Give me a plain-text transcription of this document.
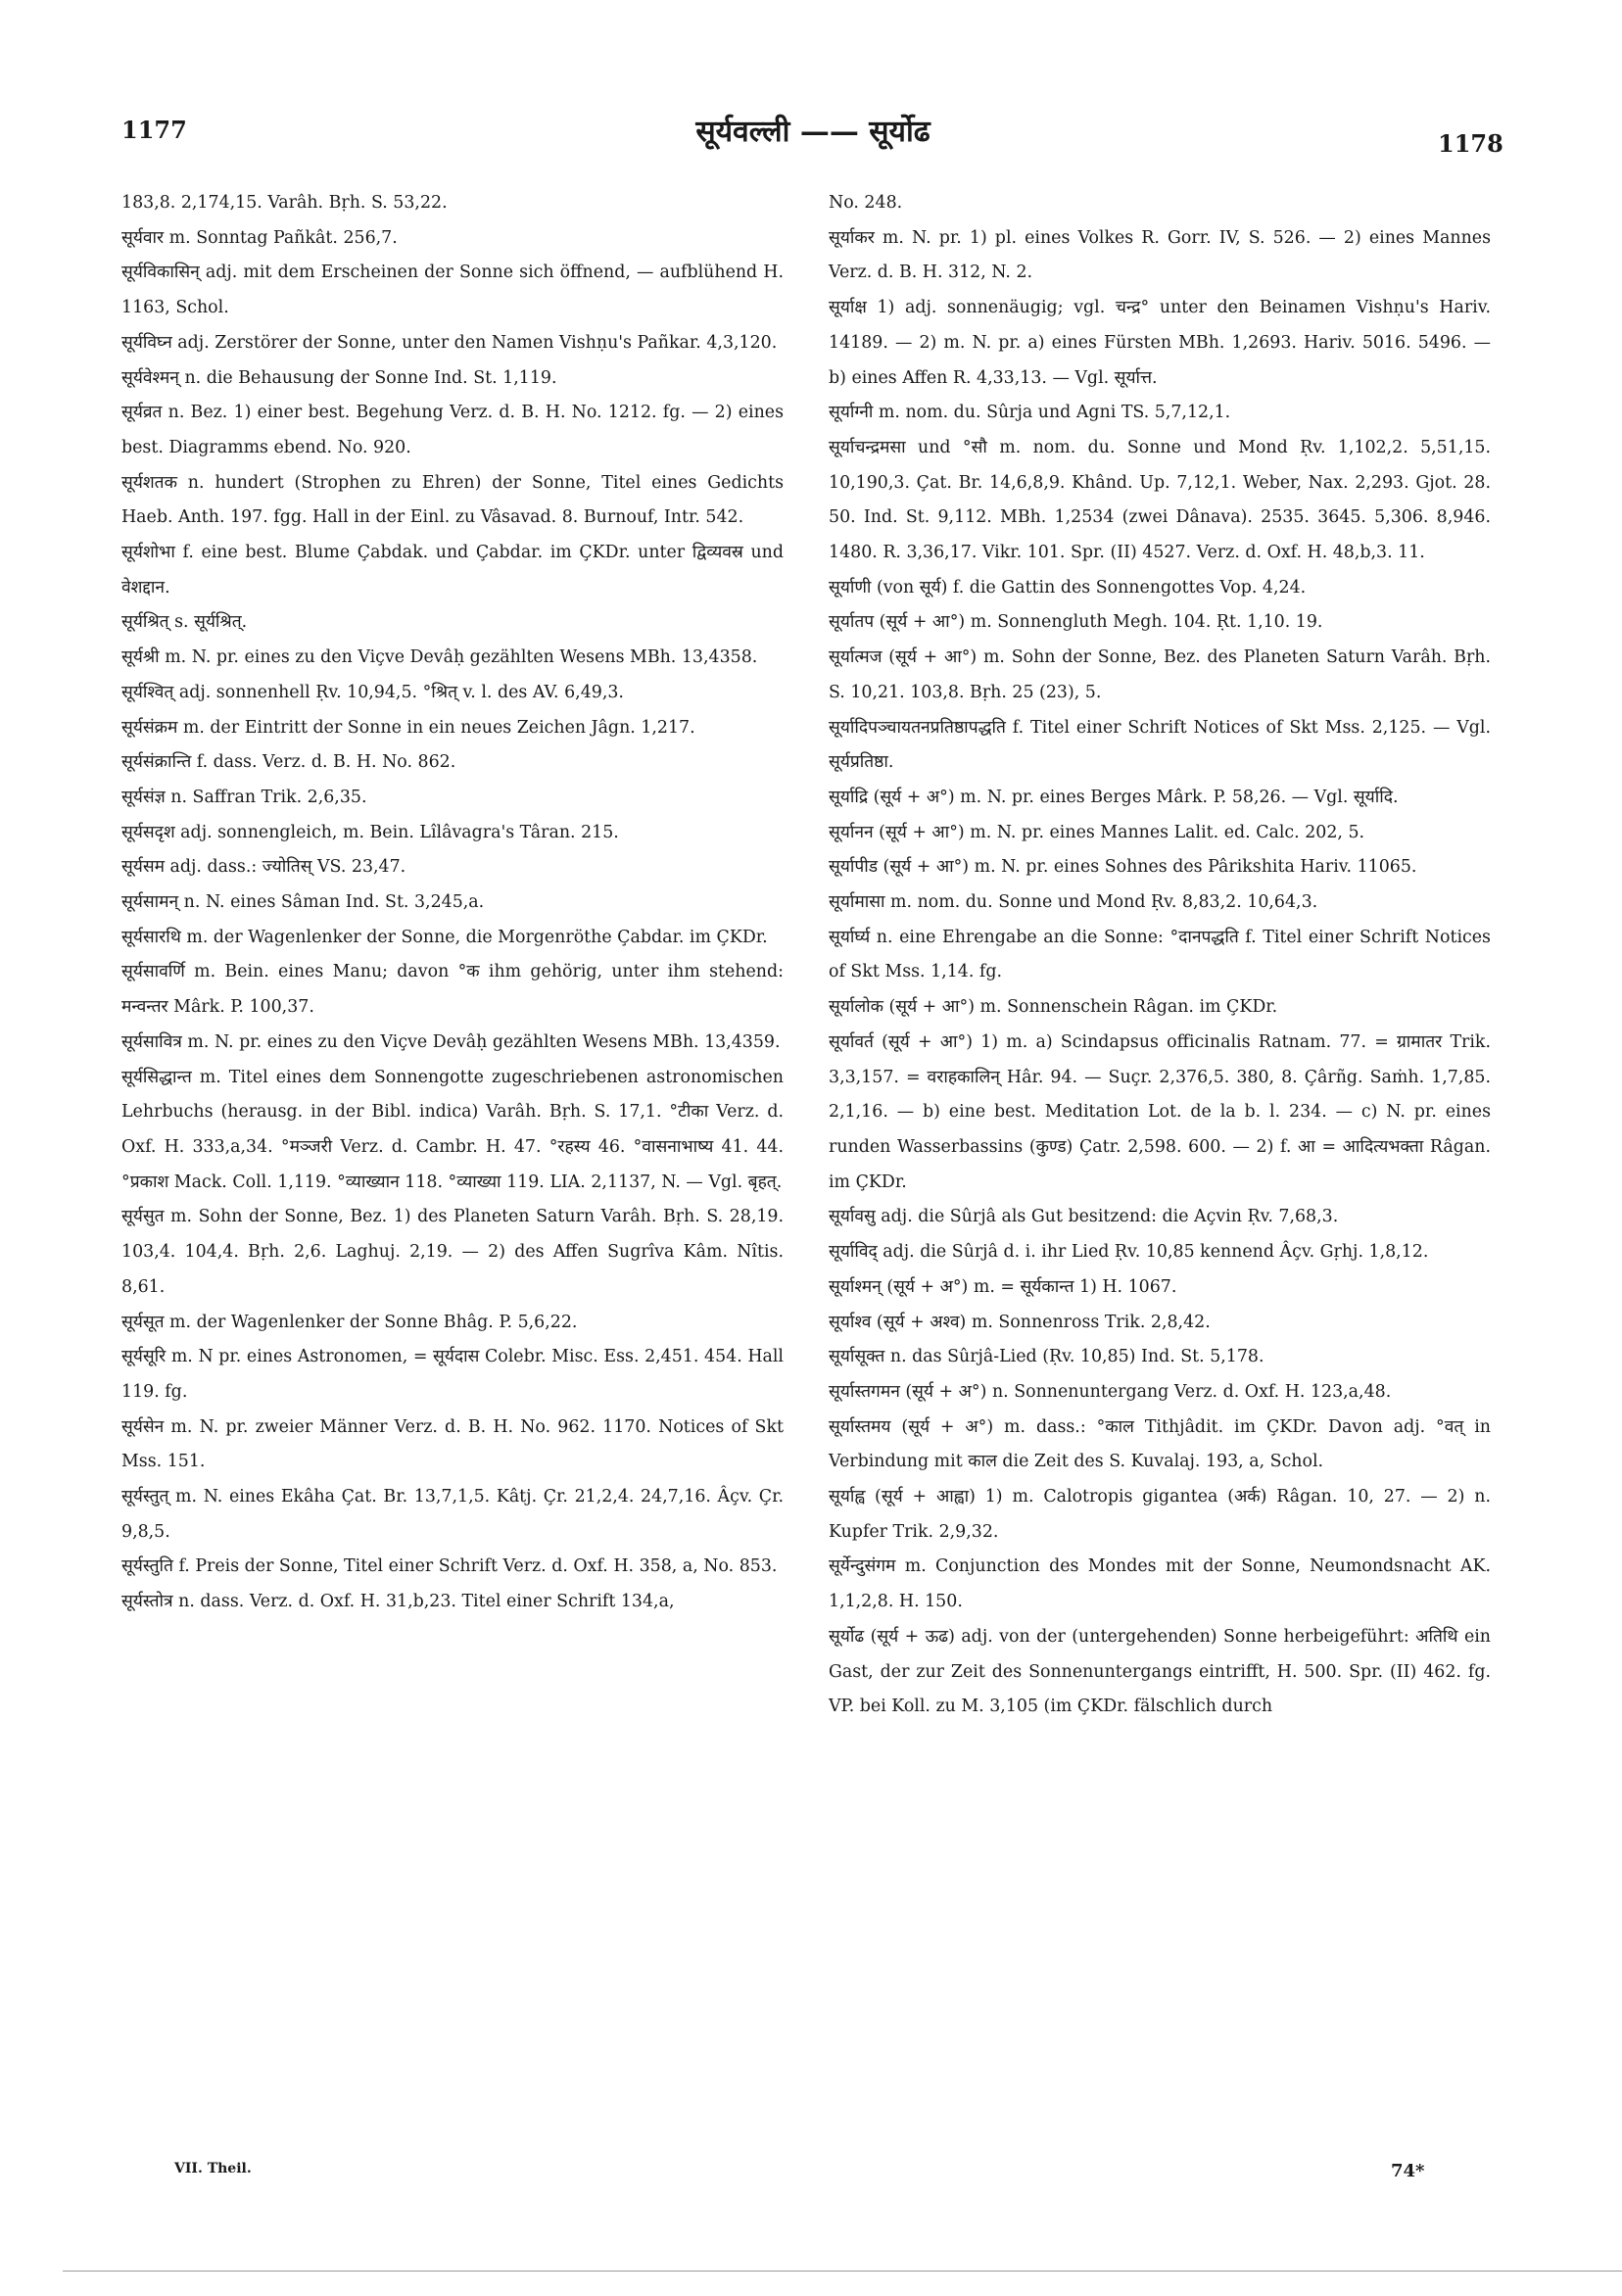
1177	सूर्यवल्ली —— सूर्योढ	1178

183,8. 2,174,15. Varâh. Bṛh. S. 53,22.

सूर्यवार m. Sonntag Pañkât. 256,7.

सूर्यविकासिन् adj. mit dem Erscheinen der Sonne sich öffnend, — aufblühend H. 1163, Schol.

सूर्यविघ्न adj. Zerstörer der Sonne, unter den Namen Vishṇu's Pañkar. 4,3,120.

सूर्यवेश्मन् n. die Behausung der Sonne Ind. St. 1,119.

सूर्यव्रत n. Bez. 1) einer best. Begehung Verz. d. B. H. No. 1212. fg. — 2) eines best. Diagramms ebend. No. 920.

सूर्यशतक n. hundert (Strophen zu Ehren) der Sonne, Titel eines Gedichts Haeb. Anth. 197. fgg. Hall in der Einl. zu Vâsavad. 8. Burnouf, Intr. 542.

सूर्यशोभा f. eine best. Blume Çabdak. und Çabdar. im ÇKDr. unter द्विव्यवस्र und वेशद्दान.

सूर्यश्रित् s. सूर्यश्रित्.

सूर्यश्री m. N. pr. eines zu den Viçve Devâḥ gezählten Wesens MBh. 13,4358.

सूर्यश्वित् adj. sonnenhell Ṛv. 10,94,5. °श्रित् v. l. des AV. 6,49,3.

सूर्यसंक्रम m. der Eintritt der Sonne in ein neues Zeichen Jâgn. 1,217.

सूर्यसंक्रान्ति f. dass. Verz. d. B. H. No. 862.

सूर्यसंज्ञ n. Saffran Trik. 2,6,35.

सूर्यसदृश adj. sonnengleich, m. Bein. Lîlâvagra's Târan. 215.

सूर्यसम adj. dass.: ज्योतिस् VS. 23,47.

सूर्यसामन् n. N. eines Sâman Ind. St. 3,245,a.

सूर्यसारथि m. der Wagenlenker der Sonne, die Morgenröthe Çabdar. im ÇKDr.

सूर्यसावर्णि m. Bein. eines Manu; davon °क ihm gehörig, unter ihm stehend: मन्वन्तर Mârk. P. 100,37.

सूर्यसावित्र m. N. pr. eines zu den Viçve Devâḥ gezählten Wesens MBh. 13,4359.

सूर्यसिद्धान्त m. Titel eines dem Sonnengotte zugeschriebenen astronomischen Lehrbuchs (herausg. in der Bibl. indica) Varâh. Bṛh. S. 17,1. °टीका Verz. d. Oxf. H. 333,a,34. °मञ्जरी Verz. d. Cambr. H. 47. °रहस्य 46. °वासनाभाष्य 41. 44. °प्रकाश Mack. Coll. 1,119. °व्याख्यान 118. °व्याख्या 119. LIA. 2,1137, N. — Vgl. बृहत्.

सूर्यसुत m. Sohn der Sonne, Bez. 1) des Planeten Saturn Varâh. Bṛh. S. 28,19. 103,4. 104,4. Bṛh. 2,6. Laghuj. 2,19. — 2) des Affen Sugrîva Kâm. Nîtis. 8,61.

सूर्यसूत m. der Wagenlenker der Sonne Bhâg. P. 5,6,22.

सूर्यसूरि m. N pr. eines Astronomen, = सूर्यदास Colebr. Misc. Ess. 2,451. 454. Hall 119. fg.

सूर्यसेन m. N. pr. zweier Männer Verz. d. B. H. No. 962. 1170. Notices of Skt Mss. 151.

सूर्यस्तुत् m. N. eines Ekâha Çat. Br. 13,7,1,5. Kâtj. Çr. 21,2,4. 24,7,16. Âçv. Çr. 9,8,5.

सूर्यस्तुति f. Preis der Sonne, Titel einer Schrift Verz. d. Oxf. H. 358, a, No. 853.

सूर्यस्तोत्र n. dass. Verz. d. Oxf. H. 31,b,23. Titel einer Schrift 134,a,

No. 248.

सूर्याकर m. N. pr. 1) pl. eines Volkes R. Gorr. IV, S. 526. — 2) eines Mannes Verz. d. B. H. 312, N. 2.

सूर्याक्ष 1) adj. sonnenäugig; vgl. चन्द्र° unter den Beinamen Vishṇu's Hariv. 14189. — 2) m. N. pr. a) eines Fürsten MBh. 1,2693. Hariv. 5016. 5496. — b) eines Affen R. 4,33,13. — Vgl. सूर्यात्त.

सूर्याग्नी m. nom. du. Sûrja und Agni TS. 5,7,12,1.

सूर्याचन्द्रमसा und °सौ m. nom. du. Sonne und Mond Ṛv. 1,102,2. 5,51,15. 10,190,3. Çat. Br. 14,6,8,9. Khând. Up. 7,12,1. Weber, Nax. 2,293. Gjot. 28. 50. Ind. St. 9,112. MBh. 1,2534 (zwei Dânava). 2535. 3645. 5,306. 8,946. 1480. R. 3,36,17. Vikr. 101. Spr. (II) 4527. Verz. d. Oxf. H. 48,b,3. 11.

सूर्याणी (von सूर्य) f. die Gattin des Sonnengottes Vop. 4,24.

सूर्यातप (सूर्य + आ°) m. Sonnengluth Megh. 104. Ṛt. 1,10. 19.

सूर्यात्मज (सूर्य + आ°) m. Sohn der Sonne, Bez. des Planeten Saturn Varâh. Bṛh. S. 10,21. 103,8. Bṛh. 25 (23), 5.

सूर्यादिपञ्चायतनप्रतिष्ठापद्धति f. Titel einer Schrift Notices of Skt Mss. 2,125. — Vgl. सूर्यप्रतिष्ठा.

सूर्याद्रि (सूर्य + अ°) m. N. pr. eines Berges Mârk. P. 58,26. — Vgl. सूर्यादि.

सूर्यानन (सूर्य + आ°) m. N. pr. eines Mannes Lalit. ed. Calc. 202, 5.

सूर्यापीड (सूर्य + आ°) m. N. pr. eines Sohnes des Pârikshita Hariv. 11065.

सूर्यामासा m. nom. du. Sonne und Mond Ṛv. 8,83,2. 10,64,3.

सूर्यार्घ्य n. eine Ehrengabe an die Sonne: °दानपद्धति f. Titel einer Schrift Notices of Skt Mss. 1,14. fg.

सूर्यालोक (सूर्य + आ°) m. Sonnenschein Râgan. im ÇKDr.

सूर्यावर्त (सूर्य + आ°) 1) m. a) Scindapsus officinalis Ratnam. 77. = ग्रामातर Trik. 3,3,157. = वराहकालिन् Hâr. 94. — Suçr. 2,376,5. 380, 8. Çârñg. Saṁh. 1,7,85. 2,1,16. — b) eine best. Meditation Lot. de la b. l. 234. — c) N. pr. eines runden Wasserbassins (कुण्ड) Çatr. 2,598. 600. — 2) f. आ = आदित्यभक्ता Râgan. im ÇKDr.

सूर्यावसु adj. die Sûrjâ als Gut besitzend: die Açvin Ṛv. 7,68,3.

सूर्याविद् adj. die Sûrjâ d. i. ihr Lied Ṛv. 10,85 kennend Âçv. Gṛhj. 1,8,12.

सूर्याश्मन् (सूर्य + अ°) m. = सूर्यकान्त 1) H. 1067.

सूर्याश्व (सूर्य + अश्व) m. Sonnenross Trik. 2,8,42.

सूर्यासूक्त n. das Sûrjâ-Lied (Ṛv. 10,85) Ind. St. 5,178.

सूर्यास्तगमन (सूर्य + अ°) n. Sonnenuntergang Verz. d. Oxf. H. 123,a,48.

सूर्यास्तमय (सूर्य + अ°) m. dass.: °काल Tithjâdit. im ÇKDr. Davon adj. °वत् in Verbindung mit काल die Zeit des S. Kuvalaj. 193, a, Schol.

सूर्याह्व (सूर्य + आह्वा) 1) m. Calotropis gigantea (अर्क) Râgan. 10, 27. — 2) n. Kupfer Trik. 2,9,32.

सूर्येन्दुसंगम m. Conjunction des Mondes mit der Sonne, Neumondsnacht AK. 1,1,2,8. H. 150.

सूर्योढ (सूर्य + ऊढ) adj. von der (untergehenden) Sonne herbeigeführt: अतिथि ein Gast, der zur Zeit des Sonnenuntergangs eintrifft, H. 500. Spr. (II) 462. fg. VP. bei Koll. zu M. 3,105 (im ÇKDr. fälschlich durch

VII. Theil.	74*
